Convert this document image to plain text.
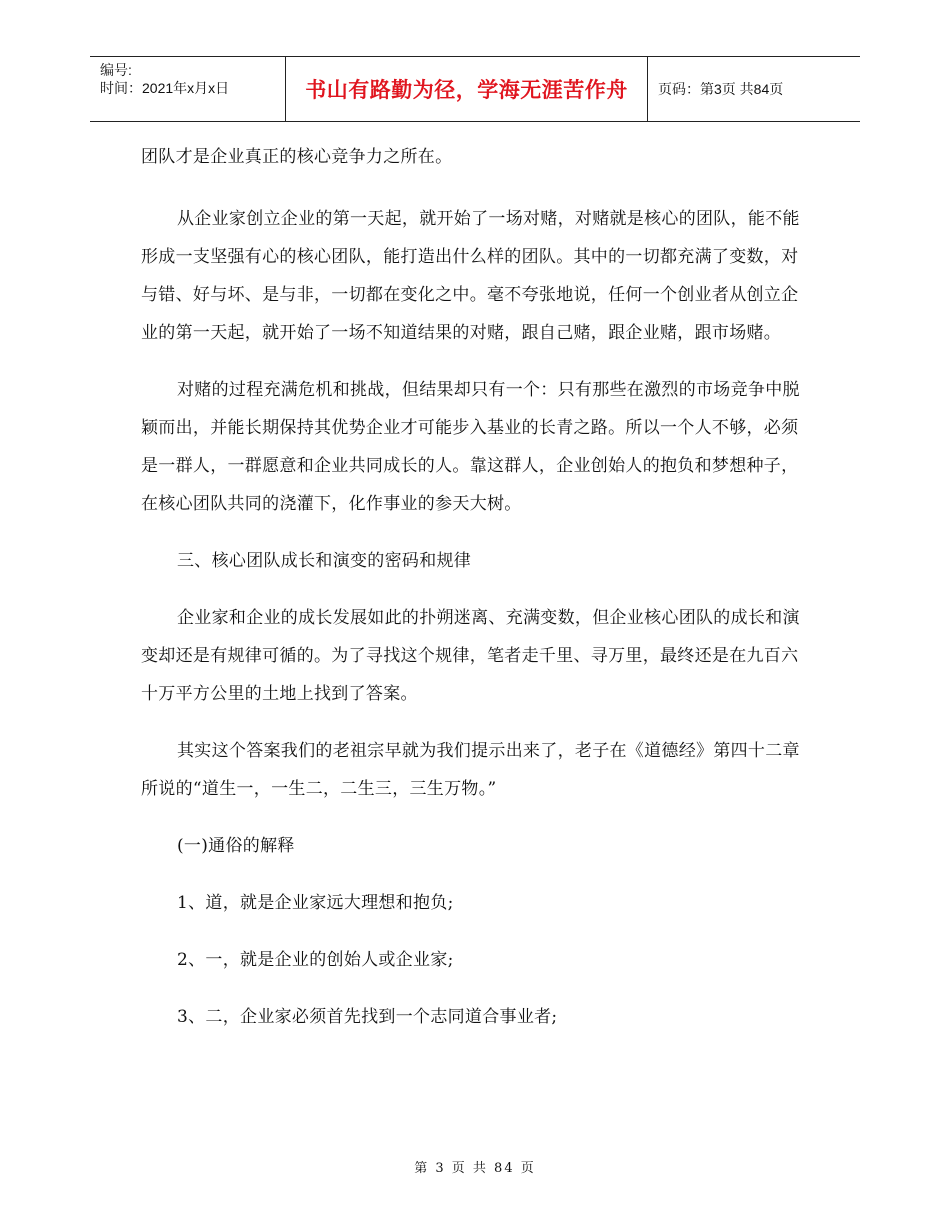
编号:
时间：2021年x月x日	书山有路勤为径，学海无涯苦作舟	页码：第3页 共84页

团队才是企业真正的核心竞争力之所在。

从企业家创立企业的第一天起，就开始了一场对赌，对赌就是核心的团队，能不能形成一支坚强有心的核心团队，能打造出什么样的团队。其中的一切都充满了变数，对与错、好与坏、是与非，一切都在变化之中。毫不夸张地说，任何一个创业者从创立企业的第一天起，就开始了一场不知道结果的对赌，跟自己赌，跟企业赌，跟市场赌。

对赌的过程充满危机和挑战，但结果却只有一个：只有那些在激烈的市场竞争中脱颖而出，并能长期保持其优势企业才可能步入基业的长青之路。所以一个人不够，必须是一群人，一群愿意和企业共同成长的人。靠这群人，企业创始人的抱负和梦想种子，在核心团队共同的浇灌下，化作事业的参天大树。

三、核心团队成长和演变的密码和规律

企业家和企业的成长发展如此的扑朔迷离、充满变数，但企业核心团队的成长和演变却还是有规律可循的。为了寻找这个规律，笔者走千里、寻万里，最终还是在九百六十万平方公里的土地上找到了答案。

其实这个答案我们的老祖宗早就为我们提示出来了，老子在《道德经》第四十二章所说的“道生一，一生二，二生三，三生万物。”

(一)通俗的解释

1、道，就是企业家远大理想和抱负;

2、一，就是企业的创始人或企业家;

3、二，企业家必须首先找到一个志同道合事业者;

第 3 页 共 84 页
